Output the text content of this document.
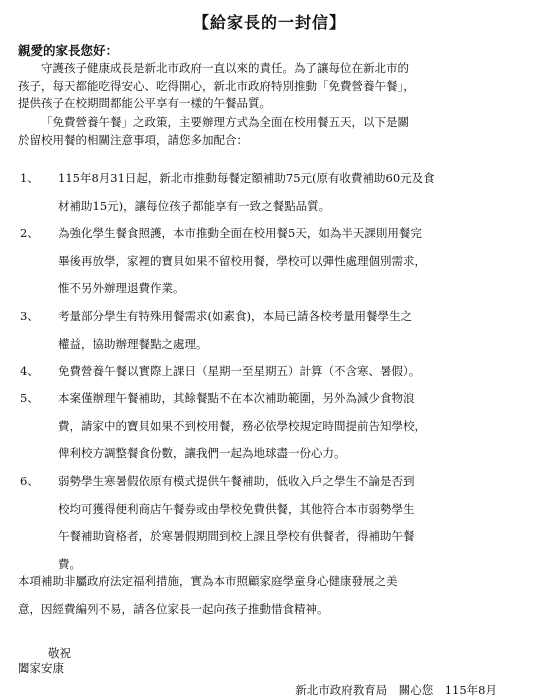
【給家長的一封信】
親愛的家長您好：
守護孩子健康成長是新北市政府一直以來的責任。為了讓每位在新北市的
孩子，每天都能吃得安心、吃得開心，新北市政府特別推動「免費營養午餐」，
提供孩子在校期間都能公平享有一樣的午餐品質。
「免費營養午餐」之政策，主要辦理方式為全面在校用餐五天，以下是關
於留校用餐的相關注意事項，請您多加配合：
1、 115年8月31日起，新北市推動每餐定額補助75元(原有收費補助60元及食
材補助15元)，讓每位孩子都能享有一致之餐點品質。
2、 為強化學生餐食照護，本市推動全面在校用餐5天，如為半天課則用餐完
畢後再放學，家裡的寶貝如果不留校用餐，學校可以彈性處理個別需求，
惟不另外辦理退費作業。
3、 考量部分學生有特殊用餐需求(如素食)，本局已請各校考量用餐學生之
權益，協助辦理餐點之處理。
4、 免費營養午餐以實際上課日（星期一至星期五）計算（不含寒、暑假）。
5、 本案僅辦理午餐補助，其餘餐點不在本次補助範圍，另外為減少食物浪
費，請家中的寶貝如果不到校用餐，務必依學校規定時間提前告知學校，
俾利校方調整餐食份數，讓我們一起為地球盡一份心力。
6、 弱勢學生寒暑假依原有模式提供午餐補助，低收入戶之學生不論是否到
校均可獲得便利商店午餐券或由學校免費供餐，其他符合本市弱勢學生
午餐補助資格者，於寒暑假期間到校上課且學校有供餐者，得補助午餐
費。
本項補助非屬政府法定福利措施，實為本市照顧家庭學童身心健康發展之美
意，因經費編列不易，請各位家長一起向孩子推動惜食精神。
敬祝
闔家安康
新北市政府教育局　關心您　115年8月
